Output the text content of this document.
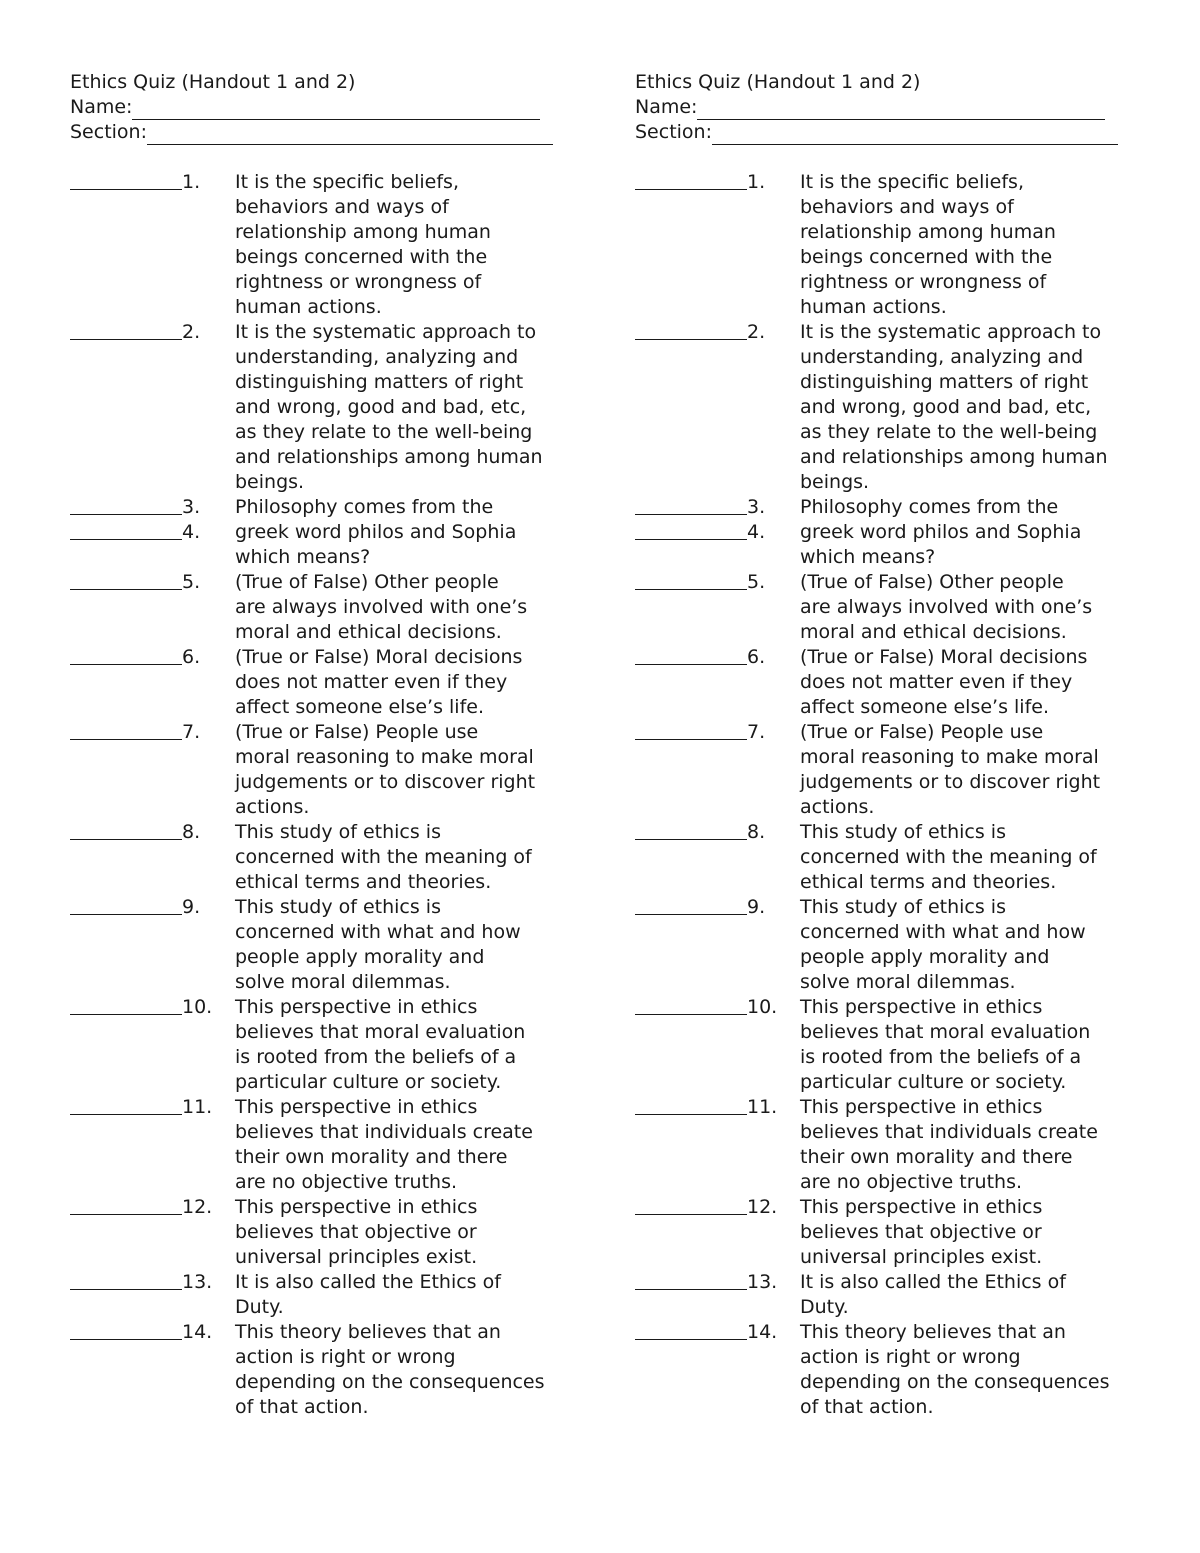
Ethics Quiz (Handout 1 and 2)
Name:
Section:
1.	It is the specific beliefs,
behaviors and ways of
relationship among human
beings concerned with the
rightness or wrongness of
human actions.
2.	It is the systematic approach to
understanding, analyzing and
distinguishing matters of right
and wrong, good and bad, etc,
as they relate to the well-being
and relationships among human
beings.
3.	Philosophy comes from the
4.	greek word philos and Sophia
which means?
5.	(True of False) Other people
are always involved with one’s
moral and ethical decisions.
6.	(True or False) Moral decisions
does not matter even if they
affect someone else’s life.
7.	(True or False) People use
moral reasoning to make moral
judgements or to discover right
actions.
8.	This study of ethics is
concerned with the meaning of
ethical terms and theories.
9.	This study of ethics is
concerned with what and how
people apply morality and
solve moral dilemmas.
10.	This perspective in ethics
believes that moral evaluation
is rooted from the beliefs of a
particular culture or society.
11.	This perspective in ethics
believes that individuals create
their own morality and there
are no objective truths.
12.	This perspective in ethics
believes that objective or
universal principles exist.
13.	It is also called the Ethics of
Duty.
14.	This theory believes that an
action is right or wrong
depending on the consequences
of that action.
Ethics Quiz (Handout 1 and 2)
Name:
Section:
1.	It is the specific beliefs,
behaviors and ways of
relationship among human
beings concerned with the
rightness or wrongness of
human actions.
2.	It is the systematic approach to
understanding, analyzing and
distinguishing matters of right
and wrong, good and bad, etc,
as they relate to the well-being
and relationships among human
beings.
3.	Philosophy comes from the
4.	greek word philos and Sophia
which means?
5.	(True of False) Other people
are always involved with one’s
moral and ethical decisions.
6.	(True or False) Moral decisions
does not matter even if they
affect someone else’s life.
7.	(True or False) People use
moral reasoning to make moral
judgements or to discover right
actions.
8.	This study of ethics is
concerned with the meaning of
ethical terms and theories.
9.	This study of ethics is
concerned with what and how
people apply morality and
solve moral dilemmas.
10.	This perspective in ethics
believes that moral evaluation
is rooted from the beliefs of a
particular culture or society.
11.	This perspective in ethics
believes that individuals create
their own morality and there
are no objective truths.
12.	This perspective in ethics
believes that objective or
universal principles exist.
13.	It is also called the Ethics of
Duty.
14.	This theory believes that an
action is right or wrong
depending on the consequences
of that action.
